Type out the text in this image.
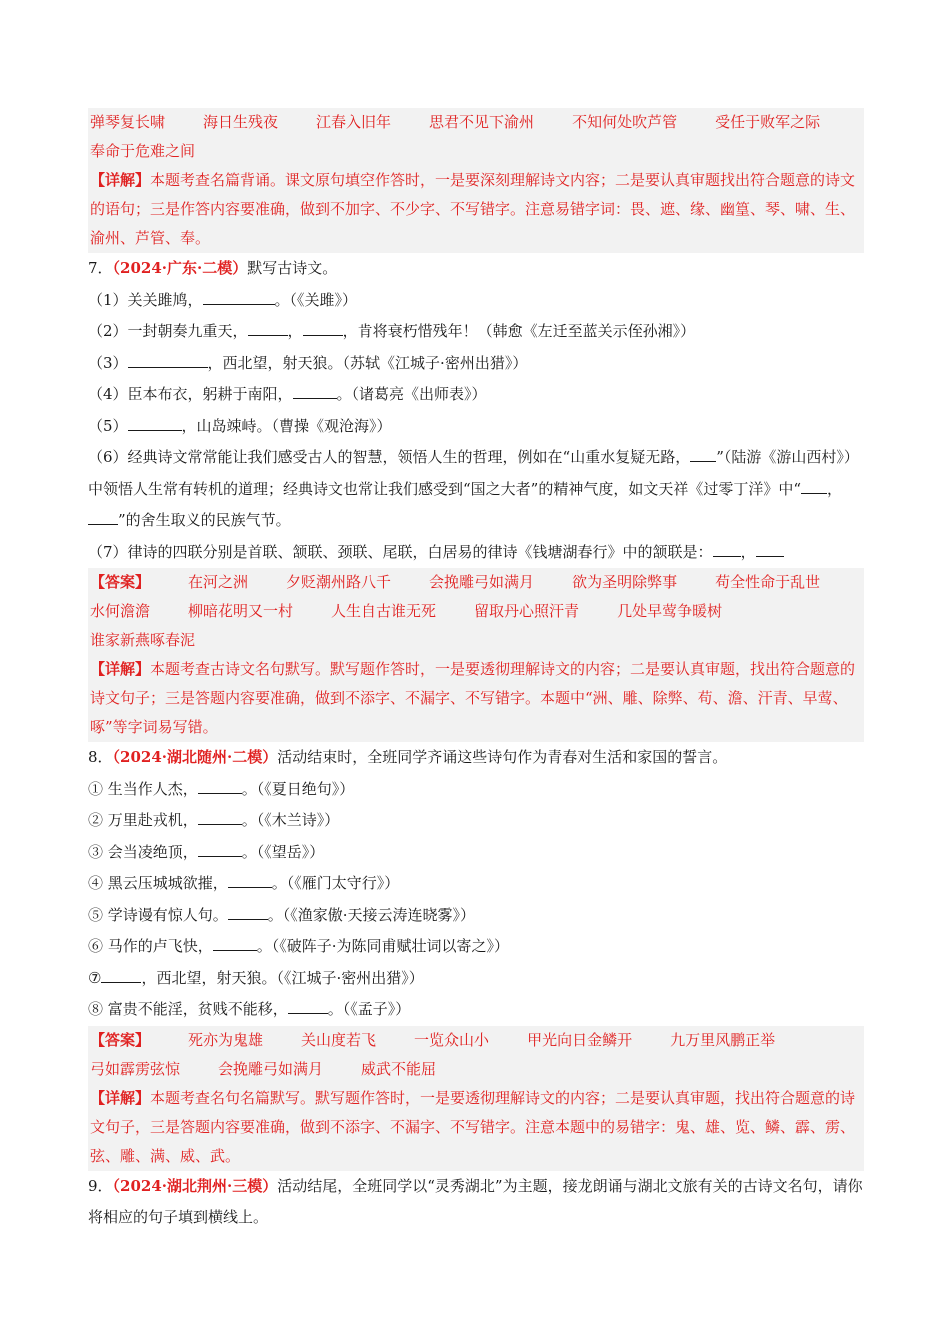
弹琴复长啸	海日生残夜	江春入旧年	思君不见下渝州	不知何处吹芦管	受任于败军之际奉命于危难之间
【详解】本题考查名篇背诵。课文原句填空作答时，一是要深刻理解诗文内容；二是要认真审题找出符合题意的诗文的语句；三是作答内容要准确，做到不加字、不少字、不写错字。注意易错字词：畏、遮、缘、幽篁、琴、啸、生、渝州、芦管、奉。
7．（2024·广东·二模）默写古诗文。
（1）关关雎鸠，	。（《关雎》）
（2）一封朝奏九重天，	，	，肯将衰朽惜残年！（韩愈《左迁至蓝关示侄孙湘》）
（3）	，西北望，射天狼。（苏轼《江城子·密州出猎》）
（4）臣本布衣，躬耕于南阳，	。（诸葛亮《出师表》）
（5）	，山岛竦峙。（曹操《观沧海》）
（6）经典诗文常常能让我们感受古人的智慧，领悟人生的哲理，例如在“山重水复疑无路， ”（陆游《游山西村》）中领悟人生常有转机的道理；经典诗文也常让我们感受到“国之大者”的精神气度，如文天祥《过零丁洋》中“ ，”的舍生取义的民族气节。
（7）律诗的四联分别是首联、颔联、颈联、尾联，白居易的律诗《钱塘湖春行》中的颔联是： ，
【答案】	在河之洲	夕贬潮州路八千	会挽雕弓如满月	欲为圣明除弊事	苟全性命于乱世水何澹澹	柳暗花明又一村	人生自古谁无死	留取丹心照汗青	几处早莺争暖树谁家新燕啄春泥
【详解】本题考查古诗文名句默写。默写题作答时，一是要透彻理解诗文的内容；二是要认真审题，找出符合题意的诗文句子；三是答题内容要准确，做到不添字、不漏字、不写错字。本题中“洲、雕、除弊、苟、澹、汗青、早莺、啄”等字词易写错。
8．（2024·湖北随州·二模）活动结束时，全班同学齐诵这些诗句作为青春对生活和家国的誓言。
① 生当作人杰，	。（《夏日绝句》）
② 万里赴戎机，	。（《木兰诗》）
③ 会当凌绝顶，	。（《望岳》）
④ 黑云压城城欲摧，	。（《雁门太守行》）
⑤ 学诗谩有惊人句。	。（《渔家傲·天接云涛连晓雾》）
⑥ 马作的卢飞快，	。（《破阵子·为陈同甫赋壮词以寄之》）
⑦	，西北望，射天狼。（《江城子·密州出猎》）
⑧ 富贵不能淫，贫贱不能移，	。（《孟子》）
【答案】	死亦为鬼雄	关山度若飞	一览众山小	甲光向日金鳞开	九万里风鹏正举弓如霹雳弦惊	会挽雕弓如满月	威武不能屈
【详解】本题考查名句名篇默写。默写题作答时，一是要透彻理解诗文的内容；二是要认真审题，找出符合题意的诗文句子，三是答题内容要准确，做到不添字、不漏字、不写错字。注意本题中的易错字：鬼、雄、览、鳞、霹、雳、弦、雕、满、威、武。
9．（2024·湖北荆州·三模）活动结尾，全班同学以“灵秀湖北”为主题，接龙朗诵与湖北文旅有关的古诗文名句，请你将相应的句子填到横线上。
